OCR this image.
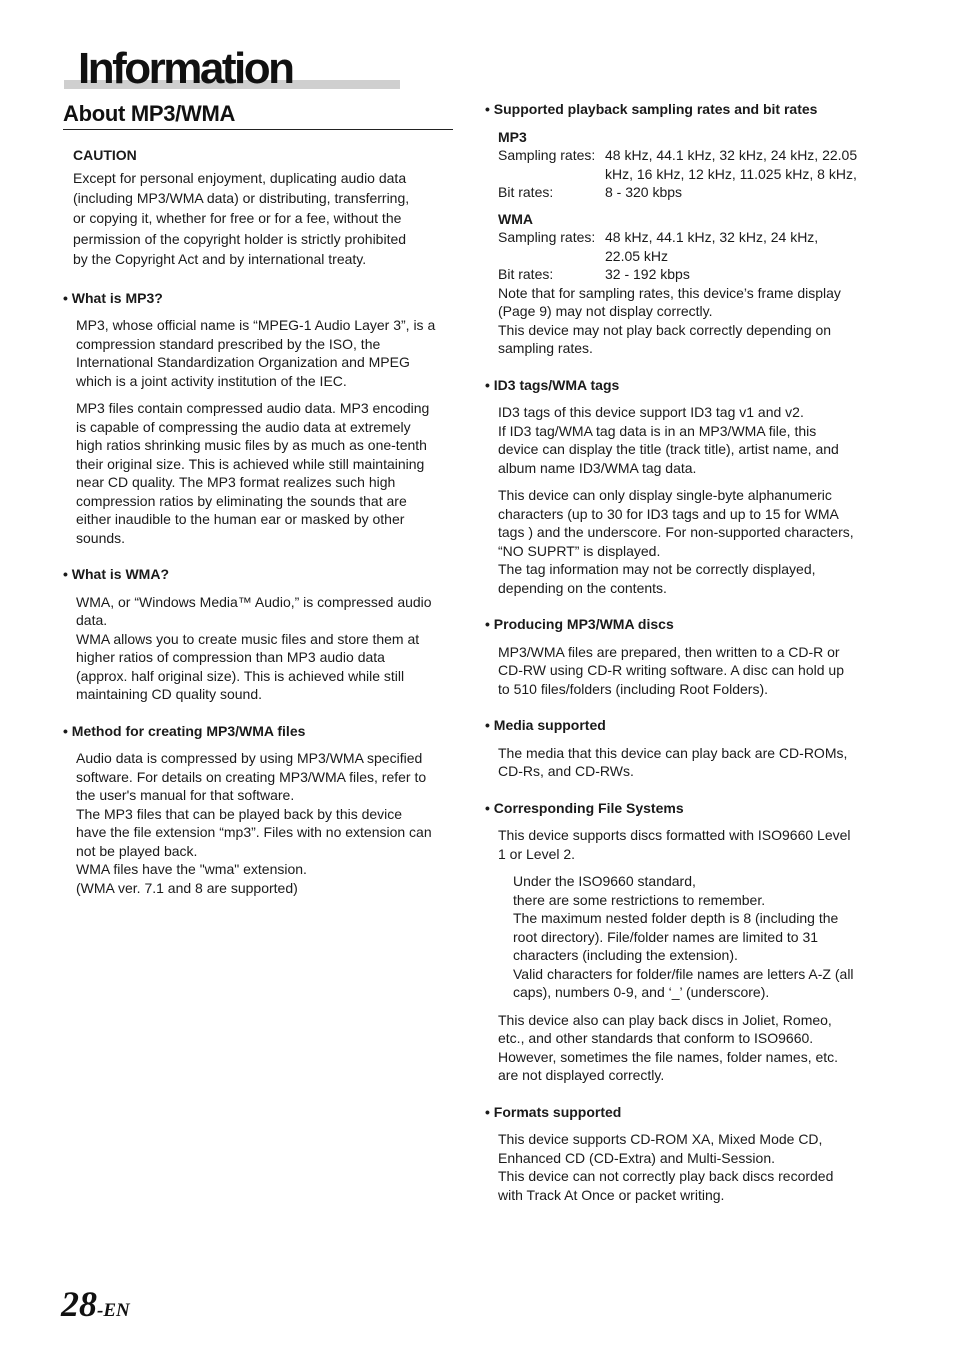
Information
About MP3/WMA

CAUTION

Except for personal enjoyment, duplicating audio data

(including MP3/WMA data) or distributing, transferring,

or copying it, whether for free or for a fee, without the

permission of the copyright holder is strictly prohibited

by the Copyright Act and by international treaty.

• What is MP3?

MP3, whose official name is “MPEG-1 Audio Layer 3”, is a

compression standard prescribed by the ISO, the

International Standardization Organization and MPEG

which is a joint activity institution of the IEC.

MP3 files contain compressed audio data. MP3 encoding

is capable of compressing the audio data at extremely

high ratios shrinking music files by as much as one-tenth

their original size. This is achieved while still maintaining

near CD quality. The MP3 format realizes such high

compression ratios by eliminating the sounds that are

either inaudible to the human ear or masked by other

sounds.

• What is WMA?

WMA, or “Windows Media™ Audio,” is compressed audio

data.

WMA allows you to create music files and store them at

higher ratios of compression than MP3 audio data

(approx. half original size). This is achieved while still

maintaining CD quality sound.

• Method for creating MP3/WMA files

Audio data is compressed by using MP3/WMA specified

software. For details on creating MP3/WMA files, refer to

the user's manual for that software.

The MP3 files that can be played back by this device

have the file extension “mp3”. Files with no extension can

not be played back.

WMA files have the "wma" extension.

(WMA ver. 7.1 and 8 are supported)

• Supported playback sampling rates and bit rates

MP3

Sampling rates: 48 kHz, 44.1 kHz, 32 kHz, 24 kHz, 22.05
kHz, 16 kHz, 12 kHz, 11.025 kHz, 8 kHz,
Bit rates:	8 - 320 kbps

WMA

Sampling rates: 48 kHz, 44.1 kHz, 32 kHz, 24 kHz,
22.05 kHz
Bit rates:	32 - 192 kbps

Note that for sampling rates, this device’s frame display

(Page 9) may not display correctly.

This device may not play back correctly depending on

sampling rates.

• ID3 tags/WMA tags

ID3 tags of this device support ID3 tag v1 and v2.

If ID3 tag/WMA tag data is in an MP3/WMA file, this

device can display the title (track title), artist name, and

album name ID3/WMA tag data.

This device can only display single-byte alphanumeric

characters (up to 30 for ID3 tags and up to 15 for WMA

tags ) and the underscore. For non-supported characters,

“NO SUPRT” is displayed.

The tag information may not be correctly displayed,

depending on the contents.

• Producing MP3/WMA discs

MP3/WMA files are prepared, then written to a CD-R or

CD-RW using CD-R writing software. A disc can hold up

to 510 files/folders (including Root Folders).

• Media supported

The media that this device can play back are CD-ROMs,

CD-Rs, and CD-RWs.

• Corresponding File Systems

This device supports discs formatted with ISO9660 Level

1 or Level 2.

Under the ISO9660 standard,

there are some restrictions to remember.

The maximum nested folder depth is 8 (including the

root directory). File/folder names are limited to 31

characters (including the extension).

Valid characters for folder/file names are letters A-Z (all

caps), numbers 0-9, and ‘_’ (underscore).

This device also can play back discs in Joliet, Romeo,

etc., and other standards that conform to ISO9660.

However, sometimes the file names, folder names, etc.

are not displayed correctly.

• Formats supported

This device supports CD-ROM XA, Mixed Mode CD,

Enhanced CD (CD-Extra) and Multi-Session.

This device can not correctly play back discs recorded

with Track At Once or packet writing.

28-EN
